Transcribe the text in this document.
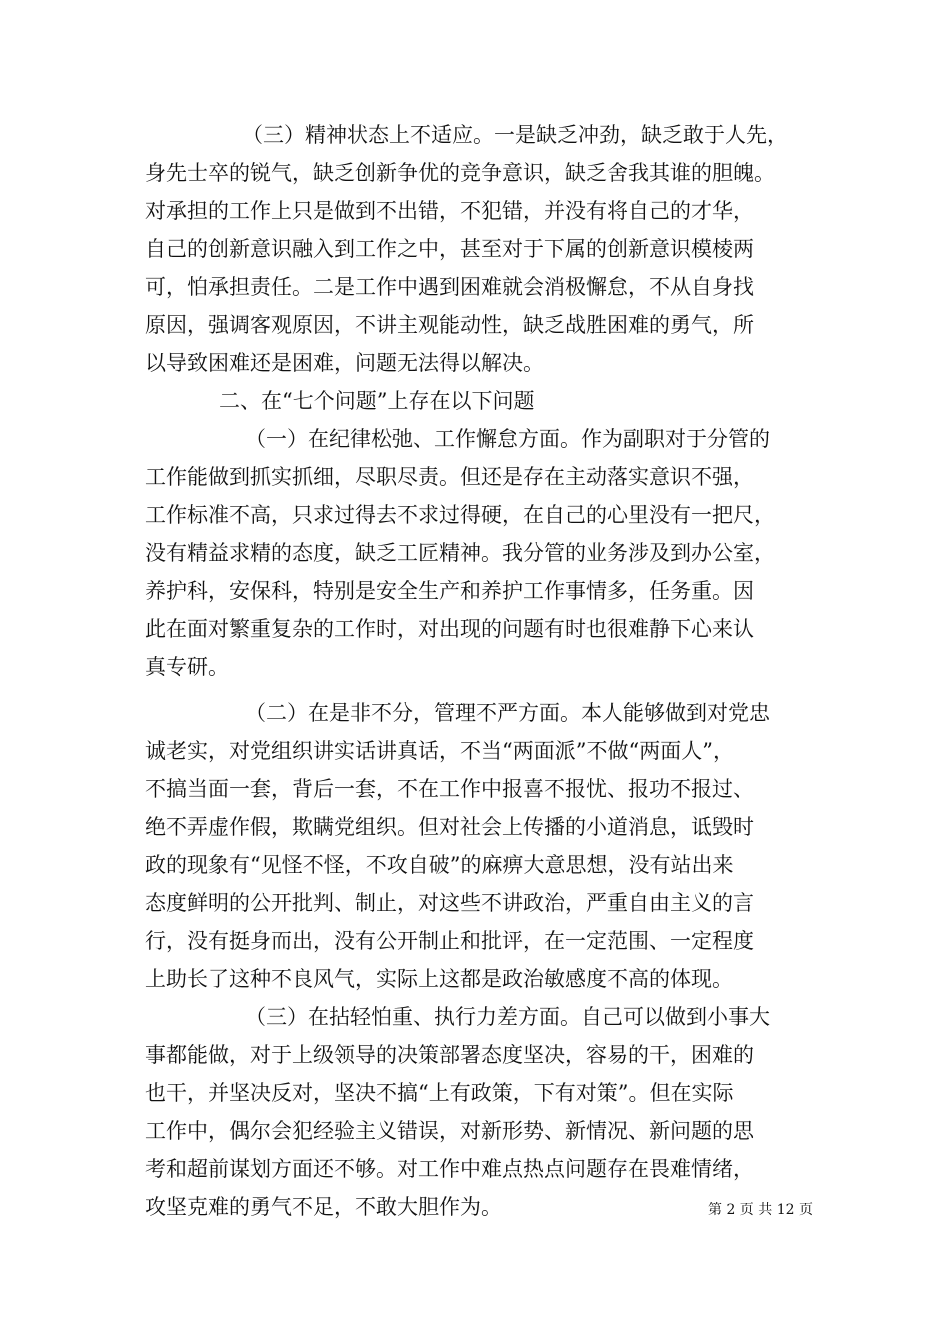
（三）精神状态上不适应。一是缺乏冲劲，缺乏敢于人先，
身先士卒的锐气，缺乏创新争优的竞争意识，缺乏舍我其谁的胆魄。
对承担的工作上只是做到不出错，不犯错，并没有将自己的才华，
自己的创新意识融入到工作之中，甚至对于下属的创新意识模棱两
可，怕承担责任。二是工作中遇到困难就会消极懈怠，不从自身找
原因，强调客观原因，不讲主观能动性，缺乏战胜困难的勇气，所
以导致困难还是困难，问题无法得以解决。
二、在“七个问题”上存在以下问题
（一）在纪律松弛、工作懈怠方面。作为副职对于分管的
工作能做到抓实抓细，尽职尽责。但还是存在主动落实意识不强，
工作标准不高，只求过得去不求过得硬，在自己的心里没有一把尺，
没有精益求精的态度，缺乏工匠精神。我分管的业务涉及到办公室，
养护科，安保科，特别是安全生产和养护工作事情多，任务重。因
此在面对繁重复杂的工作时，对出现的问题有时也很难静下心来认
真专研。
（二）在是非不分，管理不严方面。本人能够做到对党忠
诚老实，对党组织讲实话讲真话，不当“两面派”不做“两面人”，
不搞当面一套，背后一套，不在工作中报喜不报忧、报功不报过、
绝不弄虚作假，欺瞒党组织。但对社会上传播的小道消息，诋毁时
政的现象有“见怪不怪，不攻自破”的麻痹大意思想，没有站出来
态度鲜明的公开批判、制止，对这些不讲政治，严重自由主义的言
行，没有挺身而出，没有公开制止和批评，在一定范围、一定程度
上助长了这种不良风气，实际上这都是政治敏感度不高的体现。
（三）在拈轻怕重、执行力差方面。自己可以做到小事大
事都能做，对于上级领导的决策部署态度坚决，容易的干，困难的
也干，并坚决反对，坚决不搞“上有政策，下有对策”。但在实际
工作中，偶尔会犯经验主义错误，对新形势、新情况、新问题的思
考和超前谋划方面还不够。对工作中难点热点问题存在畏难情绪，
攻坚克难的勇气不足，不敢大胆作为。	第 2 页 共 12 页
